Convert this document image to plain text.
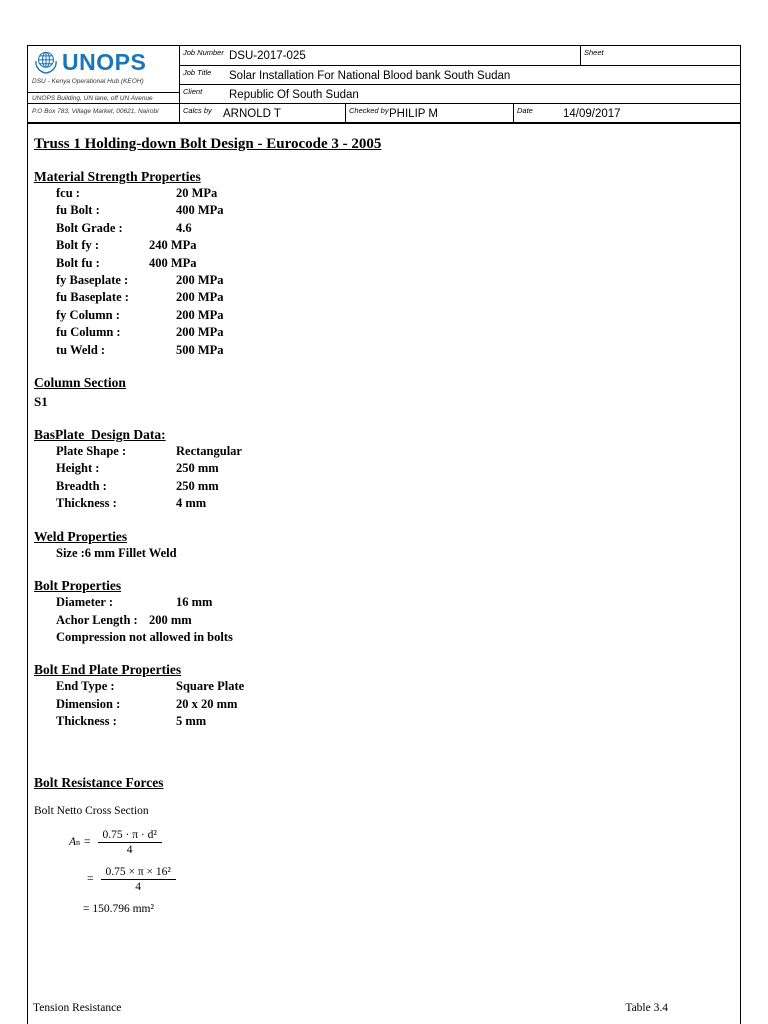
UNOPS
DSU - Kenya Operational Hub (KEOH)
UNOPS Building, UN lane, off UN Avenue
P.O Box 783, Village Market, 00621, Nairobi
Job Number DSU-2017-025	Sheet
Job Title	Solar Installation For National Blood bank South Sudan
Client	Republic Of South Sudan
Calcs by ARNOLD T	Checked by PHILIP M	Date	14/09/2017
Truss 1 Holding-down Bolt Design - Eurocode 3 - 2005
Material Strength Properties
fcu :	20 MPa
fu Bolt :	400 MPa
Bolt Grade :	4.6
Bolt fy :	240 MPa
Bolt fu :	400 MPa
fy Baseplate :	200 MPa
fu Baseplate :	200 MPa
fy Column :	200 MPa
fu Column :	200 MPa
tu Weld :	500 MPa
Column Section
S1
BasPlate  Design Data:
Plate Shape :	Rectangular
Height :	250 mm
Breadth :	250 mm
Thickness :	4 mm
Weld Properties
Size :6 mm Fillet Weld
Bolt Properties
Diameter :	16 mm
Achor Length : 200 mm
Compression not allowed in bolts
Bolt End Plate Properties
End Type :	Square Plate
Dimension :	20 x 20 mm
Thickness :	5 mm
Bolt Resistance Forces
Bolt Netto Cross Section
A $n = \frac{\text{0.75 · π · d²}}{4}$
= $\frac{\text{0.75 × π × 16²}}{4}$
= 150.796 mm²
Tension Resistance	Table 3.4
